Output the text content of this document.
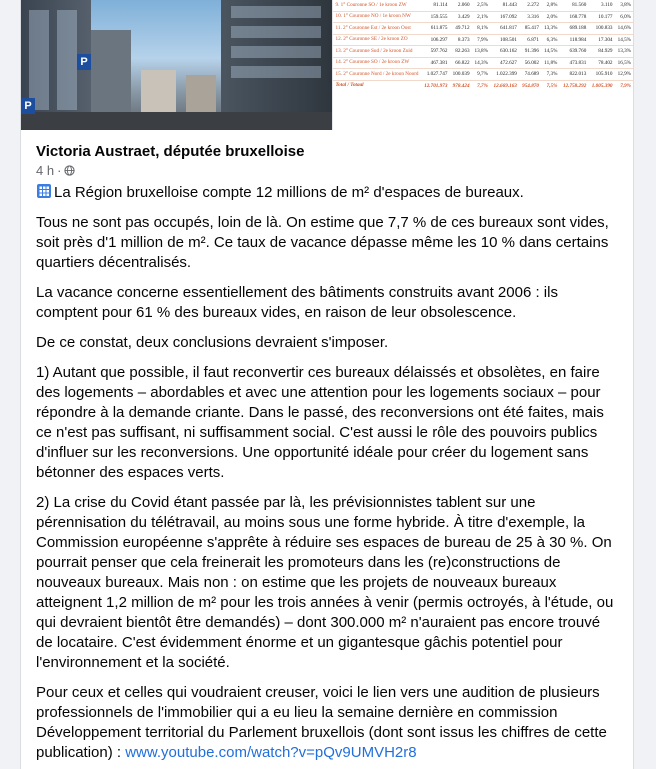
P
P
9. 1° Couronne SO / 1e kroon ZW	81.114	2.060	2,5%	81.443	2.272	2,8%	81.560	3.110	3,8%
10. 1° Couronne NO / 1e kroon NW	159.555	3.429	2,1%	167.092	3.316	2,0%	168.778	10.177	6,0%
11. 2° Couronne Est / 2e kroon Oost	611.875	49.712	8,1%	641.817	85.417	13,3%	689.188	100.833	14,6%
12. 2° Couronne SE / 2e kroon ZO	106.297	8.373	7,9%	108.501	6.871	6,3%	118.984	17.304	14,5%
13. 2° Couronne Sud / 2e kroon Zuid	597.762	82.263	13,8%	630.162	91.396	14,5%	639.760	84.929	13,3%
14. 2° Couronne SO / 2e kroon ZW	467.381	66.822	14,3%	472.627	56.002	11,8%	473.831	78.402	16,5%
15. 2° Couronne Nord / 2e kroon Noord	1.027.747	100.039	9,7%	1.022.399	74.689	7,3%	822.013	105.910	12,9%
Total / Totaal	12.701.973	978.424	7,7%	12.669.163	954.870	7,5%	12.758.292	1.005.390	7,9%
Victoria Austraet, députée bruxelloise
4 h ·

La Région bruxelloise compte 12 millions de m² d'espaces de bureaux.

Tous ne sont pas occupés, loin de là. On estime que 7,7 % de ces bureaux sont vides, soit près d'1 million de m². Ce taux de vacance dépasse même les 10 % dans certains quartiers décentralisés.

La vacance concerne essentiellement des bâtiments construits avant 2006 : ils comptent pour 61 % des bureaux vides, en raison de leur obsolescence.

De ce constat, deux conclusions devraient s'imposer.

1) Autant que possible, il faut reconvertir ces bureaux délaissés et obsolètes, en faire des logements – abordables et avec une attention pour les logements sociaux – pour répondre à la demande criante. Dans le passé, des reconversions ont été faites, mais ce n'est pas suffisant, ni suffisamment social. C'est aussi le rôle des pouvoirs publics d'influer sur les reconversions. Une opportunité idéale pour créer du logement sans bétonner des espaces verts.

2) La crise du Covid étant passée par là, les prévisionnistes tablent sur une pérennisation du télétravail, au moins sous une forme hybride. À titre d'exemple, la Commission européenne s'apprête à réduire ses espaces de bureau de 25 à 30 %. On pourrait penser que cela freinerait les promoteurs dans les (re)constructions de nouveaux bureaux. Mais non : on estime que les projets de nouveaux bureaux atteignent 1,2 million de m² pour les trois années à venir (permis octroyés, à l'étude, ou qui devraient bientôt être demandés) – dont 300.000 m² n'auraient pas encore trouvé de locataire. C'est évidemment énorme et un gigantesque gâchis potentiel pour l'environnement et la société.

Pour ceux et celles qui voudraient creuser, voici le lien vers une audition de plusieurs professionnels de l'immobilier qui a eu lieu la semaine dernière en commission Développement territorial du Parlement bruxellois (dont sont issus les chiffres de cette publication) : www.youtube.com/watch?v=pQv9UMVH2r8
